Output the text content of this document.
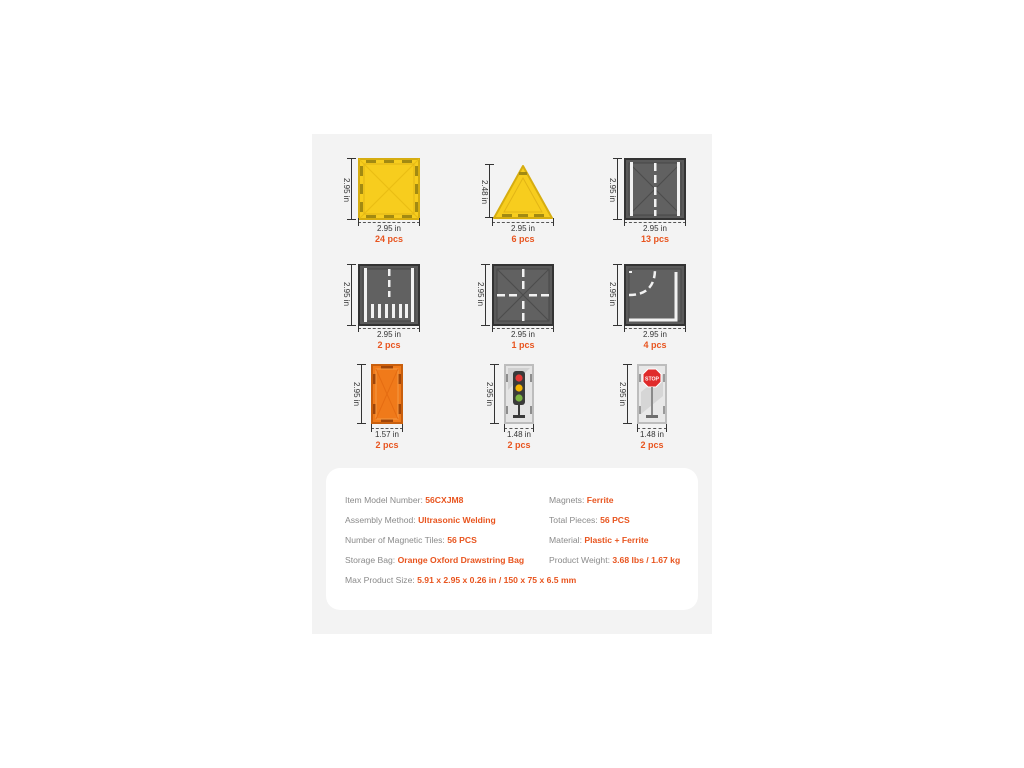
2.95 in
2.95 in
24 pcs
2.48 in
2.95 in
6 pcs
2.95 in
2.95 in
13 pcs
2.95 in
2.95 in
2 pcs
2.95 in
2.95 in
1 pcs
2.95 in
2.95 in
4 pcs
2.95 in
1.57 in
2 pcs
2.95 in
1.48 in
2 pcs
2.95 in
STOP
1.48 in
2 pcs
Item Model Number: 56CXJM8
Assembly Method: Ultrasonic Welding
Number of Magnetic Tiles: 56 PCS
Storage Bag: Orange Oxford Drawstring Bag
Max Product Size: 5.91 x 2.95 x 0.26 in / 150 x 75 x 6.5 mm
Magnets: Ferrite
Total Pieces: 56 PCS
Material: Plastic + Ferrite
Product Weight: 3.68 lbs / 1.67 kg
